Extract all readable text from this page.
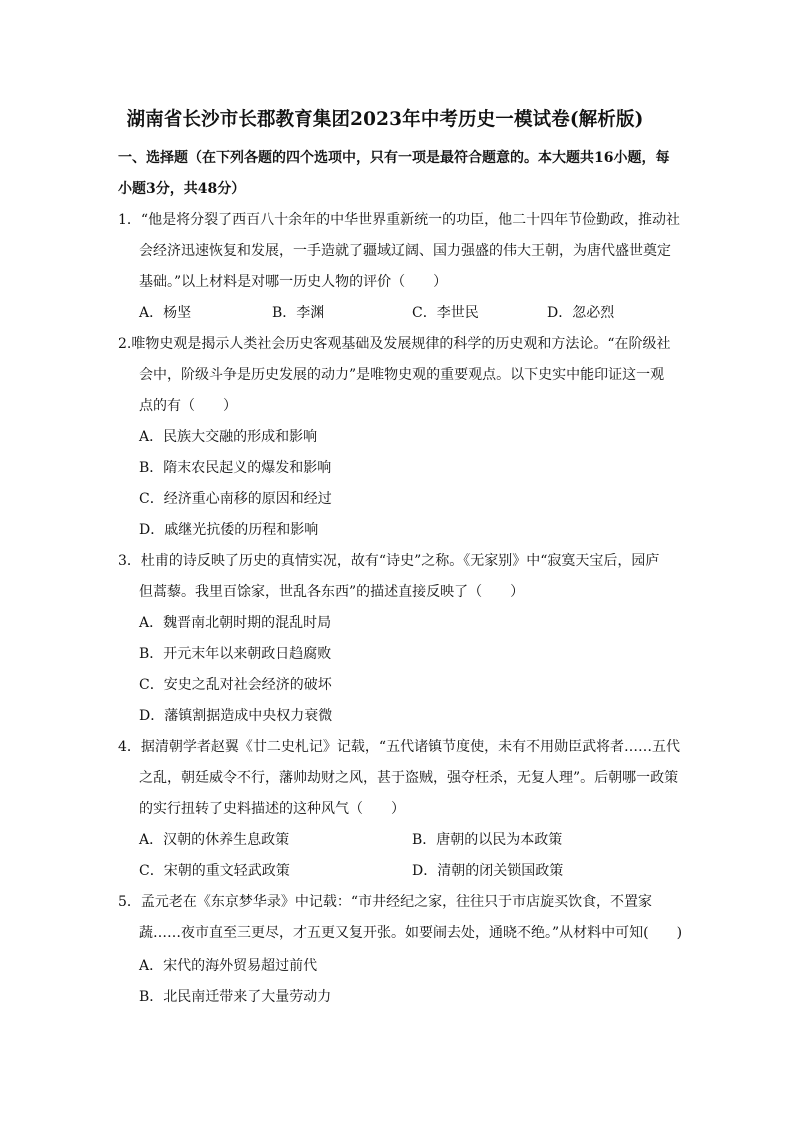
湖南省长沙市长郡教育集团2023年中考历史一模试卷(解析版)
一、选择题（在下列各题的四个选项中，只有一项是最符合题意的。本大题共16小题，每
小题3分，共48分）
1．“他是将分裂了西百八十余年的中华世界重新统一的功臣，他二十四年节俭勤政，推动社
会经济迅速恢复和发展，一手造就了疆域辽阔、国力强盛的伟大王朝，为唐代盛世奠定
基础。”以上材料是对哪一历史人物的评价（　　）
A．杨坚	B．李渊	C．李世民	D．忽必烈
2.唯物史观是揭示人类社会历史客观基础及发展规律的科学的历史观和方法论。“在阶级社
会中，阶级斗争是历史发展的动力”是唯物史观的重要观点。以下史实中能印证这一观
点的有（　　）
A．民族大交融的形成和影响
B．隋末农民起义的爆发和影响
C．经济重心南移的原因和经过
D．戚继光抗倭的历程和影响
3．杜甫的诗反映了历史的真情实况，故有“诗史”之称。《无家别》中“寂寞天宝后，园庐
但蒿藜。我里百馀家，世乱各东西”的描述直接反映了（　　）
A．魏晋南北朝时期的混乱时局
B．开元末年以来朝政日趋腐败
C．安史之乱对社会经济的破坏
D．藩镇割据造成中央权力衰微
4．据清朝学者赵翼《廿二史札记》记载，“五代诸镇节度使，未有不用勋臣武将者……五代
之乱，朝廷威令不行，藩帅劫财之风，甚于盗贼，强夺枉杀，无复人理”。后朝哪一政策
的实行扭转了史料描述的这种风气（　　）
A．汉朝的休养生息政策	B．唐朝的以民为本政策
C．宋朝的重文轻武政策	D．清朝的闭关锁国政策
5．孟元老在《东京梦华录》中记载：“市井经纪之家，往往只于市店旋买饮食，不置家
蔬……夜市直至三更尽，才五更又复开张。如要闹去处，通晓不绝。”从材料中可知(　　)
A．宋代的海外贸易超过前代
B．北民南迁带来了大量劳动力
